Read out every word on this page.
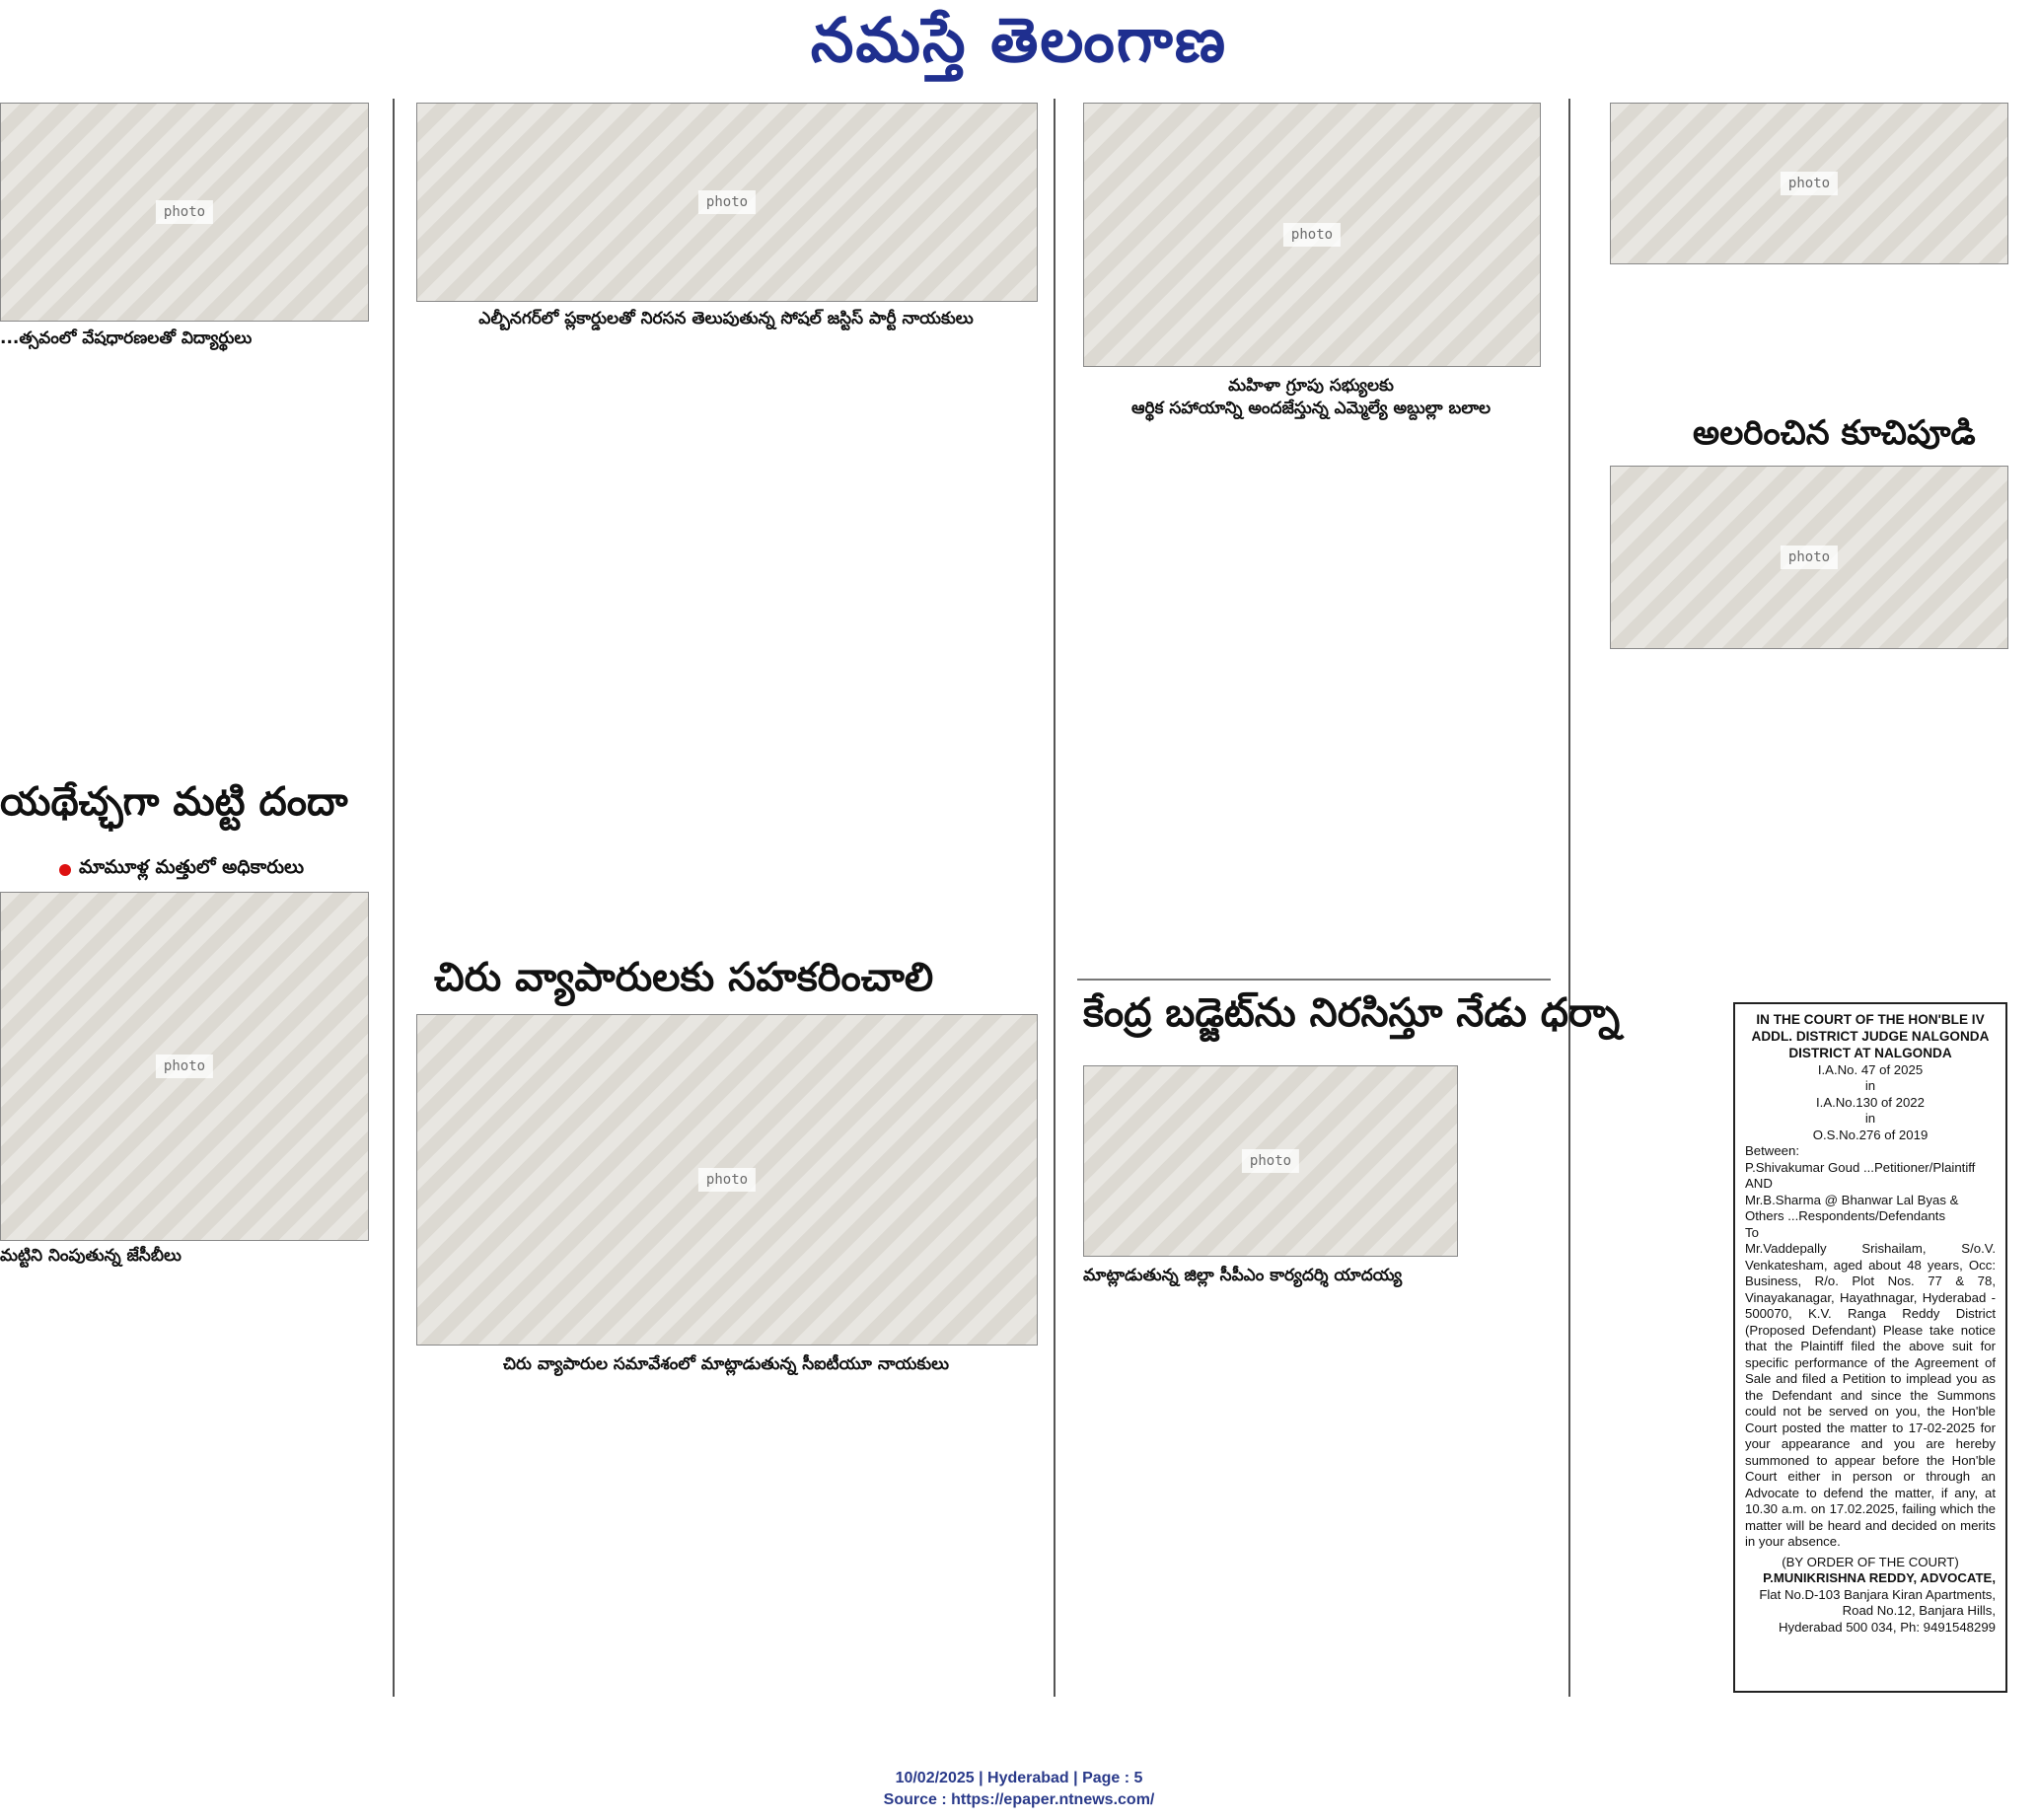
నమస్తే తెలంగాణ
photo
...త్సవంలో వేషధారణలతో విద్యార్థులు
యథేచ్ఛగా మట్టి దందా
మామూళ్ల మత్తులో అధికారులు
photo
మట్టిని నింపుతున్న జేసీబీలు
photo
ఎల్బీనగర్‌లో ప్లకార్డులతో నిరసన తెలుపుతున్న సోషల్ జస్టిస్ పార్టీ నాయకులు
చిరు వ్యాపారులకు సహకరించాలి
photo
చిరు వ్యాపారుల సమావేశంలో మాట్లాడుతున్న సీఐటీయూ నాయకులు
photo
మహిళా గ్రూపు సభ్యులకు
ఆర్థిక సహాయాన్ని అందజేస్తున్న ఎమ్మెల్యే అబ్దుల్లా బలాల
కేంద్ర బడ్జెట్‌ను నిరసిస్తూ నేడు ధర్నా
photo
మాట్లాడుతున్న జిల్లా సీపీఎం కార్యదర్శి యాదయ్య
photo
అలరించిన కూచిపూడి
photo

IN THE COURT OF THE HON'BLE IV

ADDL. DISTRICT JUDGE NALGONDA

DISTRICT AT NALGONDA

I.A.No. 47 of 2025

in

I.A.No.130 of 2022

in

O.S.No.276 of 2019

Between:

P.Shivakumar Goud ...Petitioner/Plaintiff

AND

Mr.B.Sharma @ Bhanwar Lal Byas &

Others ...Respondents/Defendants

To

Mr.Vaddepally Srishailam, S/o.V. Venkatesham, aged about 48 years, Occ: Business, R/o. Plot Nos. 77 & 78, Vinayakanagar, Hayathnagar, Hyderabad - 500070, K.V. Ranga Reddy District (Proposed Defendant) Please take notice that the Plaintiff filed the above suit for specific performance of the Agreement of Sale and filed a Petition to implead you as the Defendant and since the Summons could not be served on you, the Hon'ble Court posted the matter to 17-02-2025 for your appearance and you are hereby summoned to appear before the Hon'ble Court either in person or through an Advocate to defend the matter, if any, at 10.30 a.m. on 17.02.2025, failing which the matter will be heard and decided on merits in your absence.

(BY ORDER OF THE COURT)

P.MUNIKRISHNA REDDY, ADVOCATE,

Flat No.D-103 Banjara Kiran Apartments,

Road No.12, Banjara Hills,

Hyderabad 500 034, Ph: 9491548299

10/02/2025 | Hyderabad | Page : 5
Source : https://epaper.ntnews.com/
